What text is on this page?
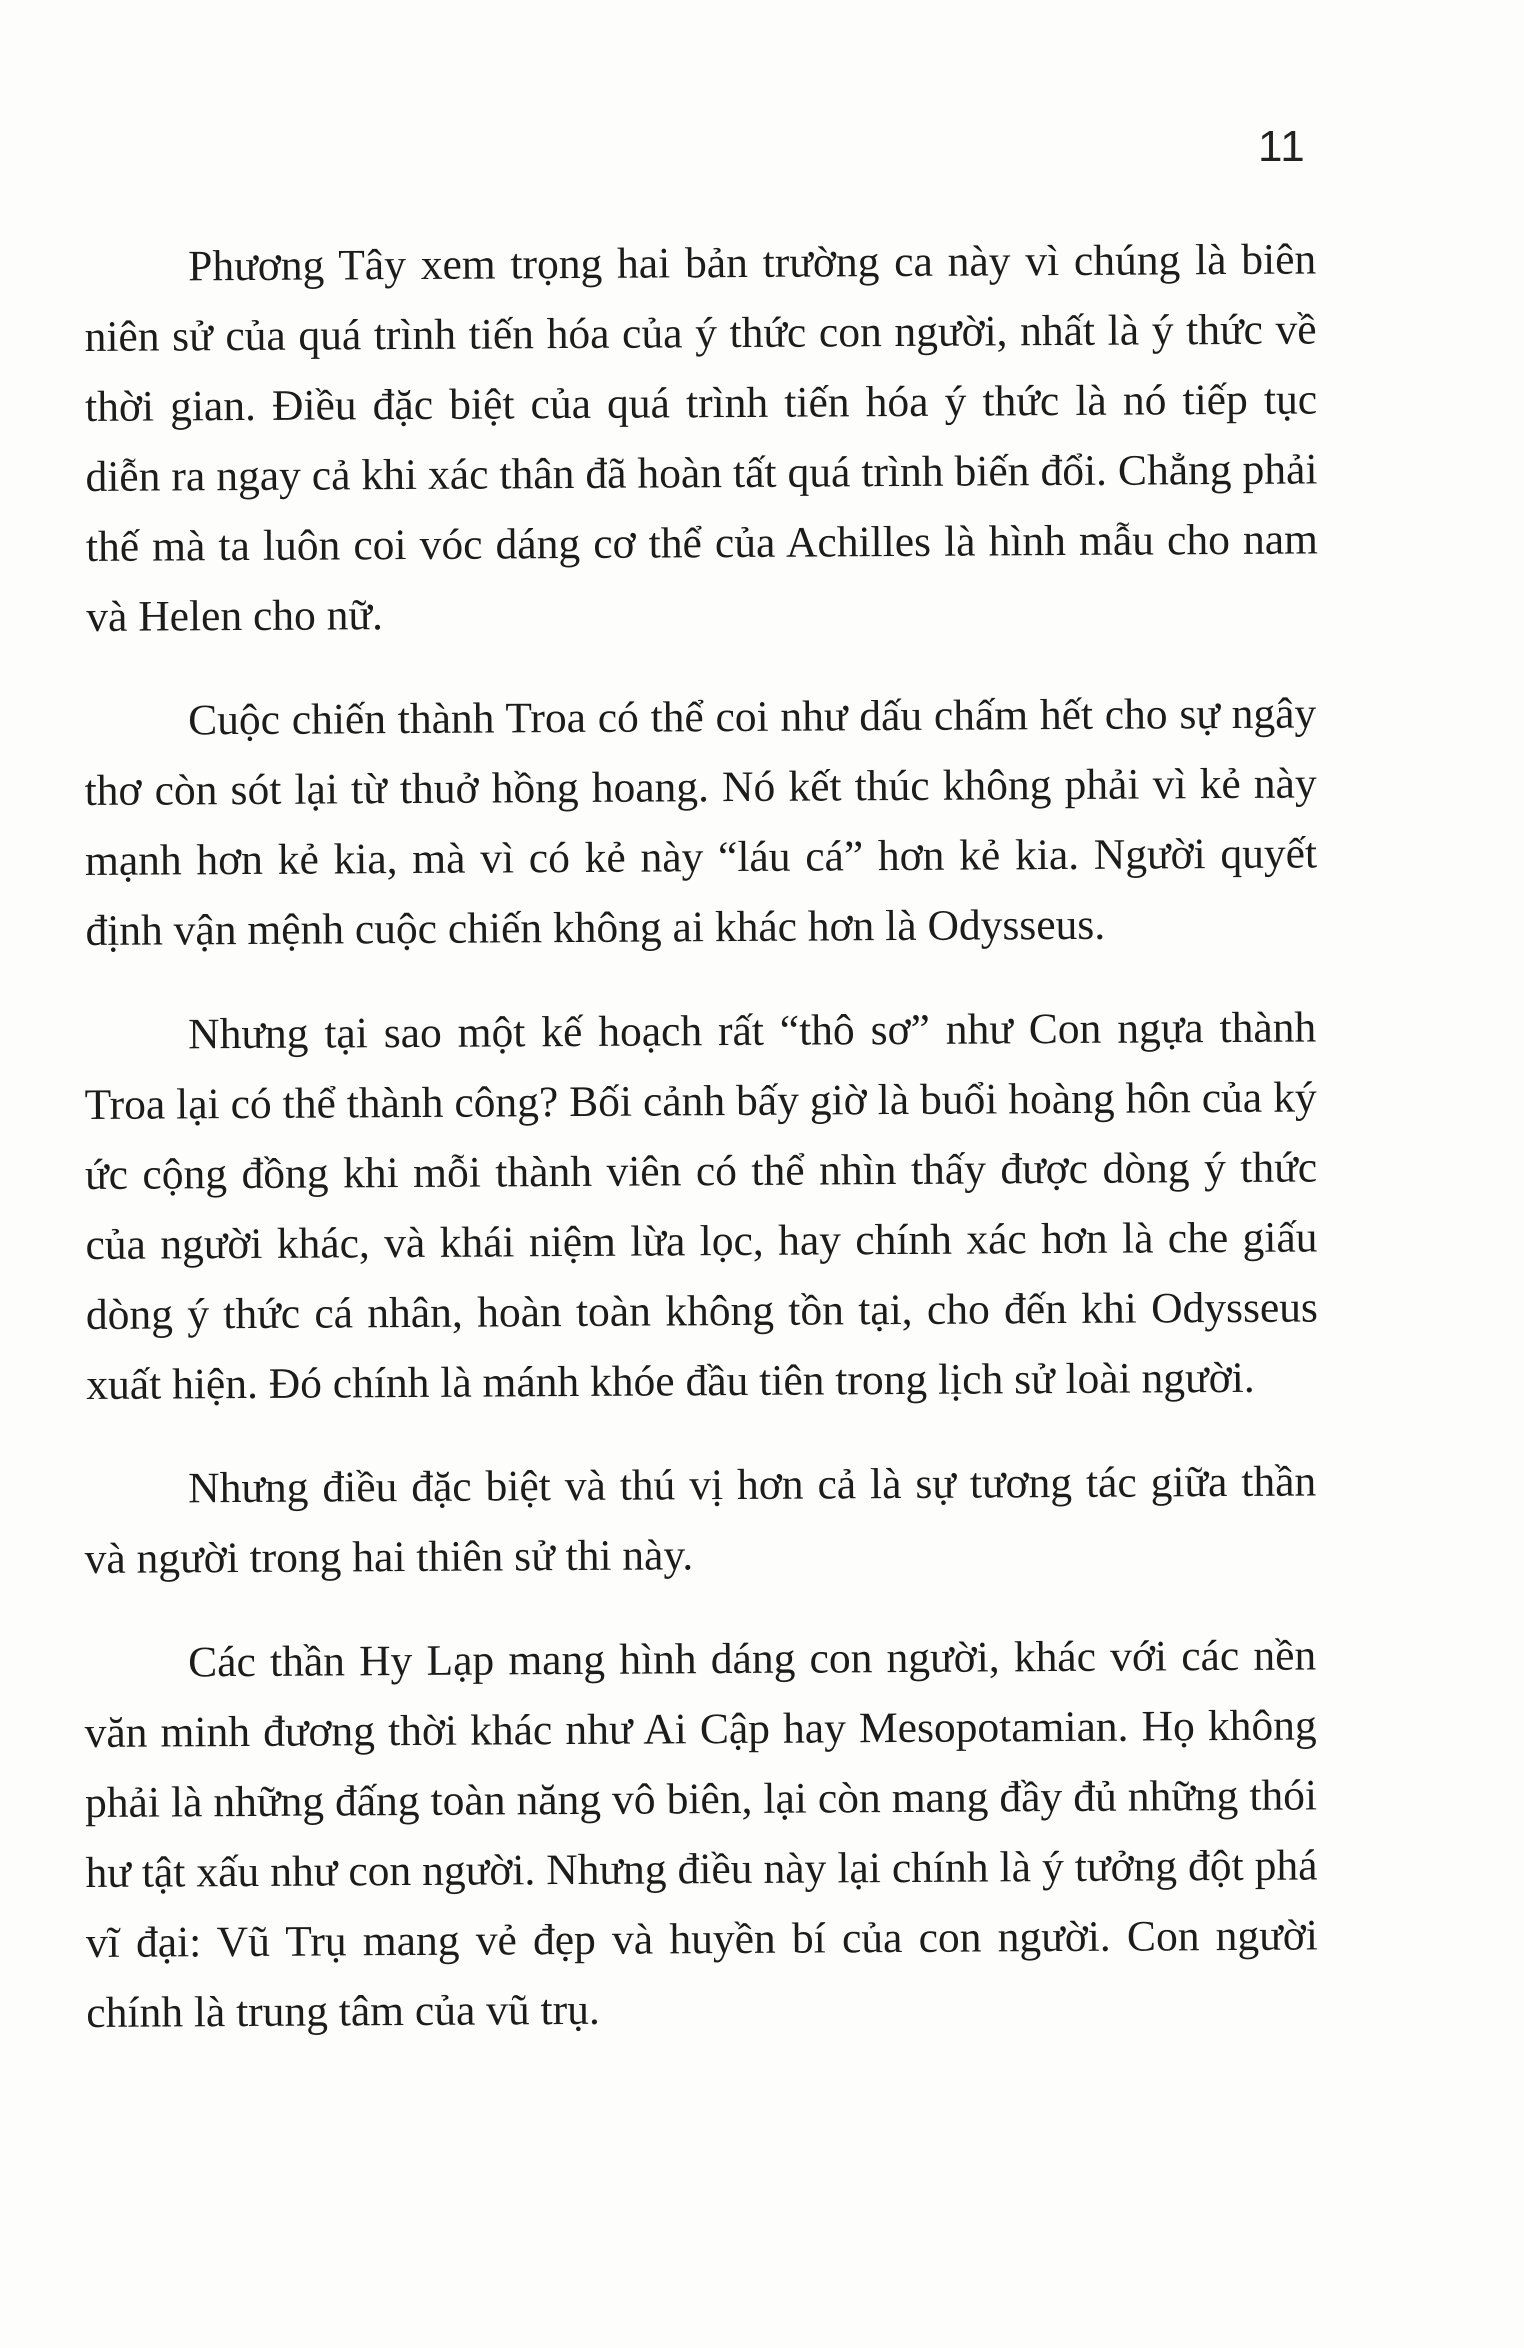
11

Phương Tây xem trọng hai bản trường ca này vì chúng là biên niên sử của quá trình tiến hóa của ý thức con người, nhất là ý thức về thời gian. Điều đặc biệt của quá trình tiến hóa ý thức là nó tiếp tục diễn ra ngay cả khi xác thân đã hoàn tất quá trình biến đổi. Chẳng phải thế mà ta luôn coi vóc dáng cơ thể của Achilles là hình mẫu cho nam và Helen cho nữ.

Cuộc chiến thành Troa có thể coi như dấu chấm hết cho sự ngây thơ còn sót lại từ thuở hồng hoang. Nó kết thúc không phải vì kẻ này mạnh hơn kẻ kia, mà vì có kẻ này “láu cá” hơn kẻ kia. Người quyết định vận mệnh cuộc chiến không ai khác hơn là Odysseus.

Nhưng tại sao một kế hoạch rất “thô sơ” như Con ngựa thành Troa lại có thể thành công? Bối cảnh bấy giờ là buổi hoàng hôn của ký ức cộng đồng khi mỗi thành viên có thể nhìn thấy được dòng ý thức của người khác, và khái niệm lừa lọc, hay chính xác hơn là che giấu dòng ý thức cá nhân, hoàn toàn không tồn tại, cho đến khi Odysseus xuất hiện. Đó chính là mánh khóe đầu tiên trong lịch sử loài người.

Nhưng điều đặc biệt và thú vị hơn cả là sự tương tác giữa thần và người trong hai thiên sử thi này.

Các thần Hy Lạp mang hình dáng con người, khác với các nền văn minh đương thời khác như Ai Cập hay Mesopotamian. Họ không phải là những đấng toàn năng vô biên, lại còn mang đầy đủ những thói hư tật xấu như con người. Nhưng điều này lại chính là ý tưởng đột phá vĩ đại: Vũ Trụ mang vẻ đẹp và huyền bí của con người. Con người chính là trung tâm của vũ trụ.
